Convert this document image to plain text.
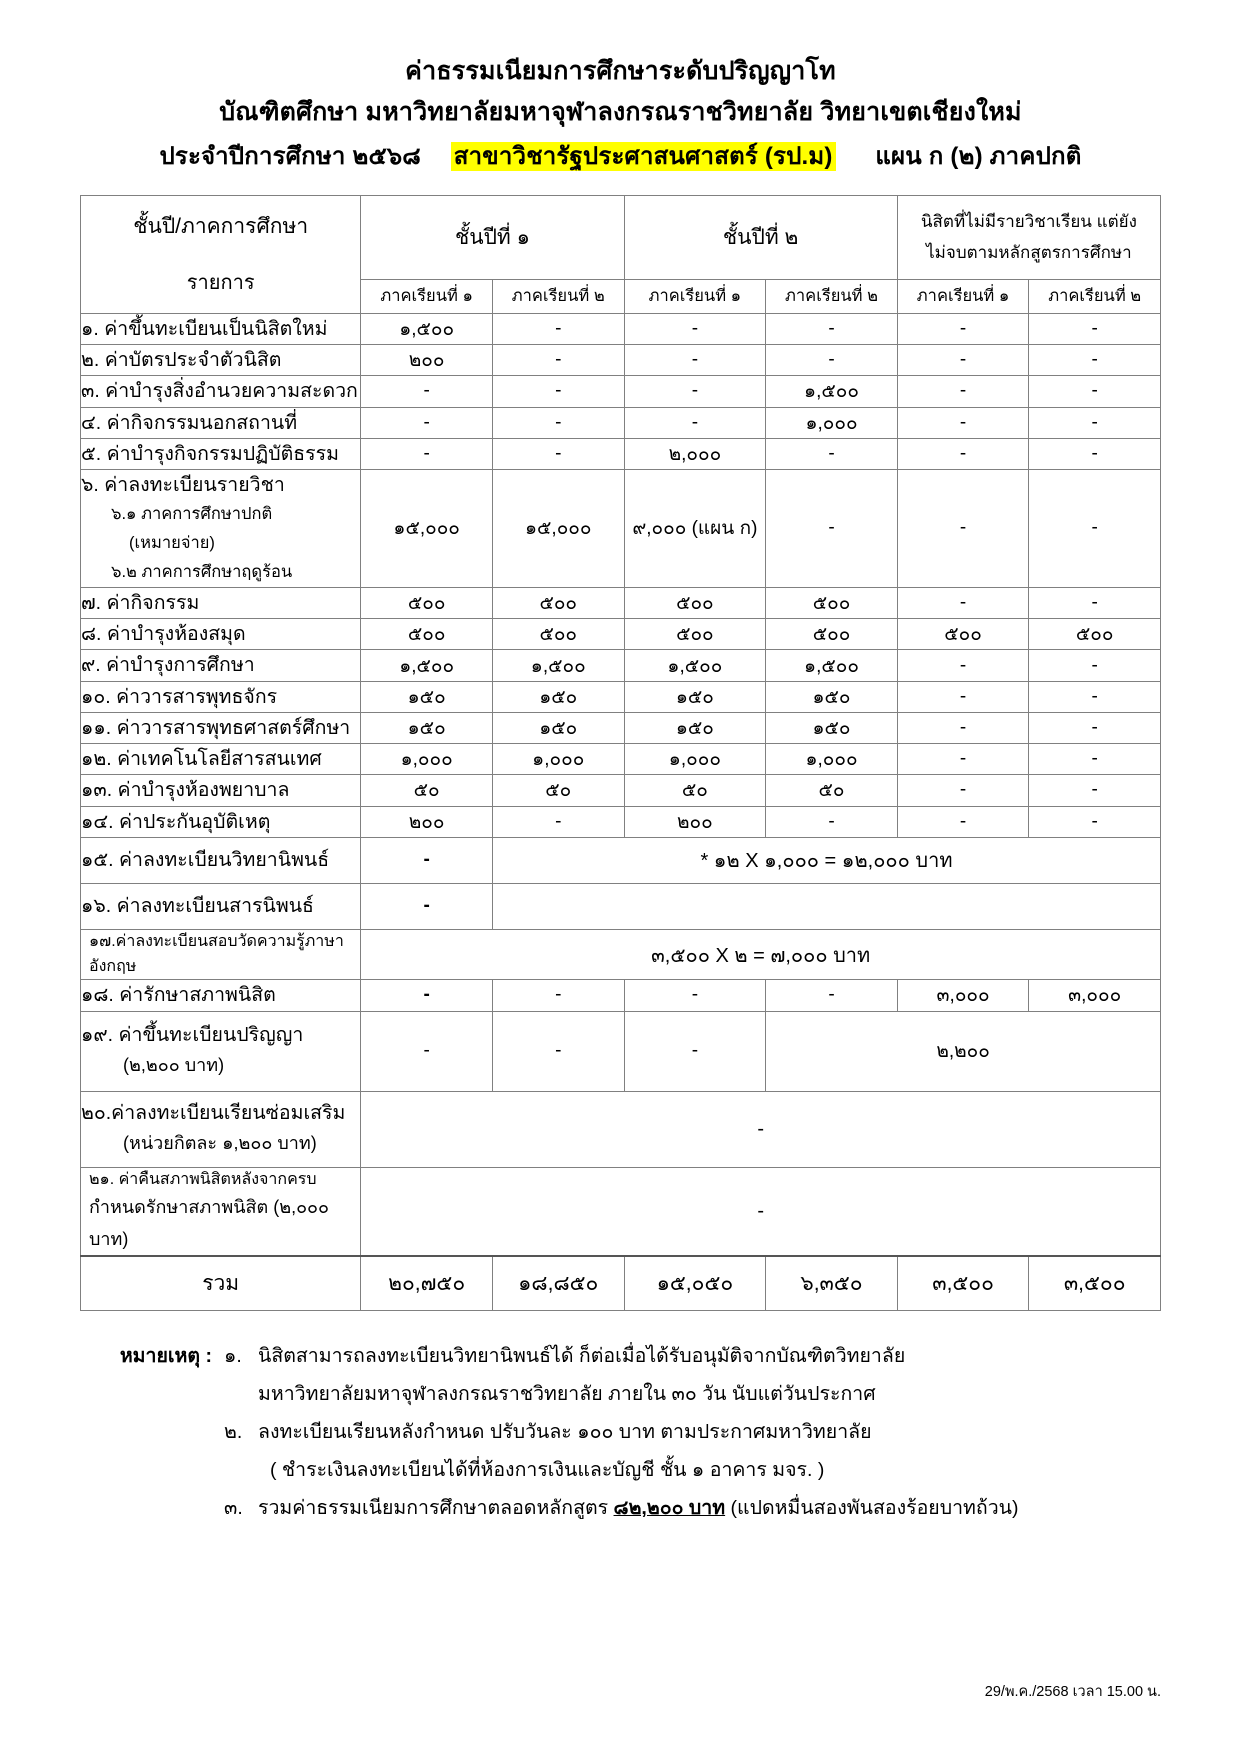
ค่าธรรมเนียมการศึกษาระดับปริญญาโท
บัณฑิตศึกษา มหาวิทยาลัยมหาจุฬาลงกรณราชวิทยาลัย วิทยาเขตเชียงใหม่
ประจำปีการศึกษา ๒๕๖๘ สาขาวิชารัฐประศาสนศาสตร์ (รป.ม) แผน ก (๒) ภาคปกติ
ชั้นปี/ภาคการศึกษา
รายการ	ชั้นปีที่ ๑		ชั้นปีที่ ๒		นิสิตที่ไม่มีรายวิชาเรียน แต่ยัง
ไม่จบตามหลักสูตรการศึกษา	
	ภาคเรียนที่ ๑	ภาคเรียนที่ ๒	ภาคเรียนที่ ๑	ภาคเรียนที่ ๒	ภาคเรียนที่ ๑	ภาคเรียนที่ ๒
๑. ค่าขึ้นทะเบียนเป็นนิสิตใหม่	๑,๕๐๐	-	-	-	-	-
๒. ค่าบัตรประจำตัวนิสิต	๒๐๐	-	-	-	-	-
๓. ค่าบำรุงสิ่งอำนวยความสะดวก	-	-	-	๑,๕๐๐	-	-
๔. ค่ากิจกรรมนอกสถานที่	-	-	-	๑,๐๐๐	-	-
๕. ค่าบำรุงกิจกรรมปฏิบัติธรรม	-	-	๒,๐๐๐	-	-	-
๖. ค่าลงทะเบียนรายวิชา
๖.๑ ภาคการศึกษาปกติ
(เหมายจ่าย)
๖.๒ ภาคการศึกษาฤดูร้อน	๑๕,๐๐๐	๑๕,๐๐๐	๙,๐๐๐ (แผน ก)	-	-	-
๗. ค่ากิจกรรม	๕๐๐	๕๐๐	๕๐๐	๕๐๐	-	-
๘. ค่าบำรุงห้องสมุด	๕๐๐	๕๐๐	๕๐๐	๕๐๐	๕๐๐	๕๐๐
๙. ค่าบำรุงการศึกษา	๑,๕๐๐	๑,๕๐๐	๑,๕๐๐	๑,๕๐๐	-	-
๑๐. ค่าวารสารพุทธจักร	๑๕๐	๑๕๐	๑๕๐	๑๕๐	-	-
๑๑. ค่าวารสารพุทธศาสตร์ศึกษา	๑๕๐	๑๕๐	๑๕๐	๑๕๐	-	-
๑๒. ค่าเทคโนโลยีสารสนเทศ	๑,๐๐๐	๑,๐๐๐	๑,๐๐๐	๑,๐๐๐	-	-
๑๓. ค่าบำรุงห้องพยาบาล	๕๐	๕๐	๕๐	๕๐	-	-
๑๔. ค่าประกันอุบัติเหตุ	๒๐๐	-	๒๐๐	-	-	-
๑๕. ค่าลงทะเบียนวิทยานิพนธ์	-	* ๑๒ X ๑,๐๐๐ = ๑๒,๐๐๐ บาท				
๑๖. ค่าลงทะเบียนสารนิพนธ์	-					
๑๗.ค่าลงทะเบียนสอบวัดความรู้ภาษาอังกฤษ	๓,๕๐๐ X ๒ = ๗,๐๐๐ บาท					
๑๘. ค่ารักษาสภาพนิสิต	-	-	-	-	๓,๐๐๐	๓,๐๐๐
๑๙. ค่าขึ้นทะเบียนปริญญา
(๒,๒๐๐ บาท)	-	-	-	๒,๒๐๐		
๒๐.ค่าลงทะเบียนเรียนซ่อมเสริม
(หน่วยกิตละ ๑,๒๐๐ บาท)	-					
๒๑. ค่าคืนสภาพนิสิตหลังจากครบ
กำหนดรักษาสภาพนิสิต (๒,๐๐๐ บาท)	-					
รวม	๒๐,๗๕๐	๑๘,๘๕๐	๑๕,๐๕๐	๖,๓๕๐	๓,๕๐๐	๓,๕๐๐
หมายเหตุ : ๑. นิสิตสามารถลงทะเบียนวิทยานิพนธ์ได้ ก็ต่อเมื่อได้รับอนุมัติจากบัณฑิตวิทยาลัย
มหาวิทยาลัยมหาจุฬาลงกรณราชวิทยาลัย ภายใน ๓๐ วัน นับแต่วันประกาศ
๒. ลงทะเบียนเรียนหลังกำหนด ปรับวันละ ๑๐๐ บาท ตามประกาศมหาวิทยาลัย
( ชำระเงินลงทะเบียนได้ที่ห้องการเงินและบัญชี ชั้น ๑ อาคาร มจร. )
๓. รวมค่าธรรมเนียมการศึกษาตลอดหลักสูตร ๘๒,๒๐๐ บาท (แปดหมื่นสองพันสองร้อยบาทถ้วน)
29/พ.ค./2568 เวลา 15.00 น.
